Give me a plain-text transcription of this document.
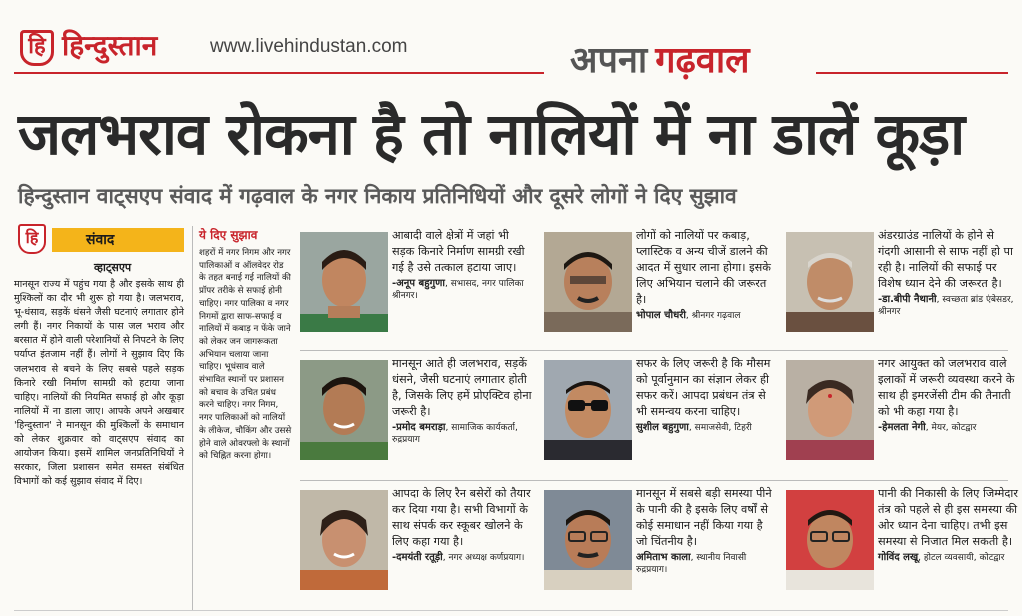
हि हिन्दुस्तान	www.livehindustan.com	अपना गढ़वाल
जलभराव रोकना है तो नालियों में ना डालें कूड़ा
हिन्दुस्तान वाट्सएप संवाद में गढ़वाल के नगर निकाय प्रतिनिधियों और दूसरे लोगों ने दिए सुझाव
संवाद
हि
व्हाट्सएप
मानसून राज्य में पहुंच गया है और इसके साथ ही मुश्किलों का दौर भी शुरू हो गया है। जलभराव, भू-धंसाव, सड़कें धंसने जैसी घटनाएं लगातार होने लगी हैं। नगर निकायों के पास जल भराव और बरसात में होने वाली परेशानियों से निपटने के लिए पर्याप्त इंतजाम नहीं हैं। लोगों ने सुझाव दिए कि जलभराव से बचने के लिए सबसे पहले सड़क किनारे रखी निर्माण सामग्री को हटाया जाना चाहिए। नालियों की नियमित सफाई हो और कूड़ा नालियों में ना डाला जाए। आपके अपने अखबार 'हिन्दुस्तान' ने मानसून की मुश्किलों के समाधान को लेकर शुक्रवार को वाट्सएप संवाद का आयोजन किया। इसमें शामिल जनप्रतिनिधियों ने सरकार, जिला प्रशासन समेत समस्त संबंधित विभागों को कई सुझाव संवाद में दिए।
ये दिए सुझाव
शहरों में नगर निगम और नगर पालिकाओं व ऑलवेदर रोड के तहत बनाई गई नालियों की प्रॉपर तरीके से सफाई होनी चाहिए। नगर पालिका व नगर निगमों द्वारा साफ-सफाई व नालियों में कबाड़ न फेंके जाने को लेकर जन जागरूकता अभियान चलाया जाना चाहिए। भूधंसाव वाले संभावित स्थानों पर प्रशासन को बचाव के उचित प्रबंध करने चाहिए। नगर निगम, नगर पालिकाओं को नालियों के लीकेज, चौकिंग और उससे होने वाले ओवरफ्लो के स्थानों को चिह्नित करना होगा।
आबादी वाले क्षेत्रों में जहां भी सड़क किनारे निर्माण सामग्री रखी गई है उसे तत्काल हटाया जाए।
-अनूप बहुगुणा, सभासद, नगर पालिका श्रीनगर।
लोगों को नालियों पर कबाड़, प्लास्टिक व अन्य चीजें डालने की आदत में सुधार लाना होगा। इसके लिए अभियान चलाने की जरूरत है।
भोपाल चौधरी, श्रीनगर गढ़वाल
अंडरग्राउंड नालियों के होने से गंदगी आसानी से साफ नहीं हो पा रही है। नालियों की सफाई पर विशेष ध्यान देने की जरूरत है।
-डा.बीपी नैथानी, स्वच्छता ब्रांड एंबेसडर, श्रीनगर
मानसून आते ही जलभराव, सड़कें धंसने, जैसी घटनाएं लगातार होती है, जिसके लिए हमें प्रोएक्टिव होना जरूरी है।
-प्रमोद बमराड़ा, सामाजिक कार्यकर्ता, रुद्रप्रयाग
सफर के लिए जरूरी है कि मौसम को पूर्वानुमान का संज्ञान लेकर ही सफर करें। आपदा प्रबंधन तंत्र से भी समन्वय करना चाहिए।
सुशील बहुगुणा, समाजसेवी, टिहरी
नगर आयुक्त को जलभराव वाले इलाकों में जरूरी व्यवस्था करने के साथ ही इमरजेंसी टीम की तैनाती को भी कहा गया है।
-हेमलता नेगी, मेयर, कोटद्वार
आपदा के लिए रैन बसेरों को तैयार कर दिया गया है। सभी विभागों के साथ संपर्क कर स्कूबर खोलने के लिए कहा गया है।
-दमयंती रतूड़ी, नगर अध्यक्ष कर्णप्रयाग।
मानसून में सबसे बड़ी समस्या पीने के पानी की है इसके लिए वर्षों से कोई समाधान नहीं किया गया है जो चिंतनीय है।
अमिताभ काला, स्थानीय निवासी रुद्रप्रयाग।
पानी की निकासी के लिए जिम्मेदार तंत्र को पहले से ही इस समस्या की ओर ध्यान देना चाहिए। तभी इस समस्या से निजात मिल सकती है।
गोविंद लखू, होटल व्यवसायी, कोटद्वार
